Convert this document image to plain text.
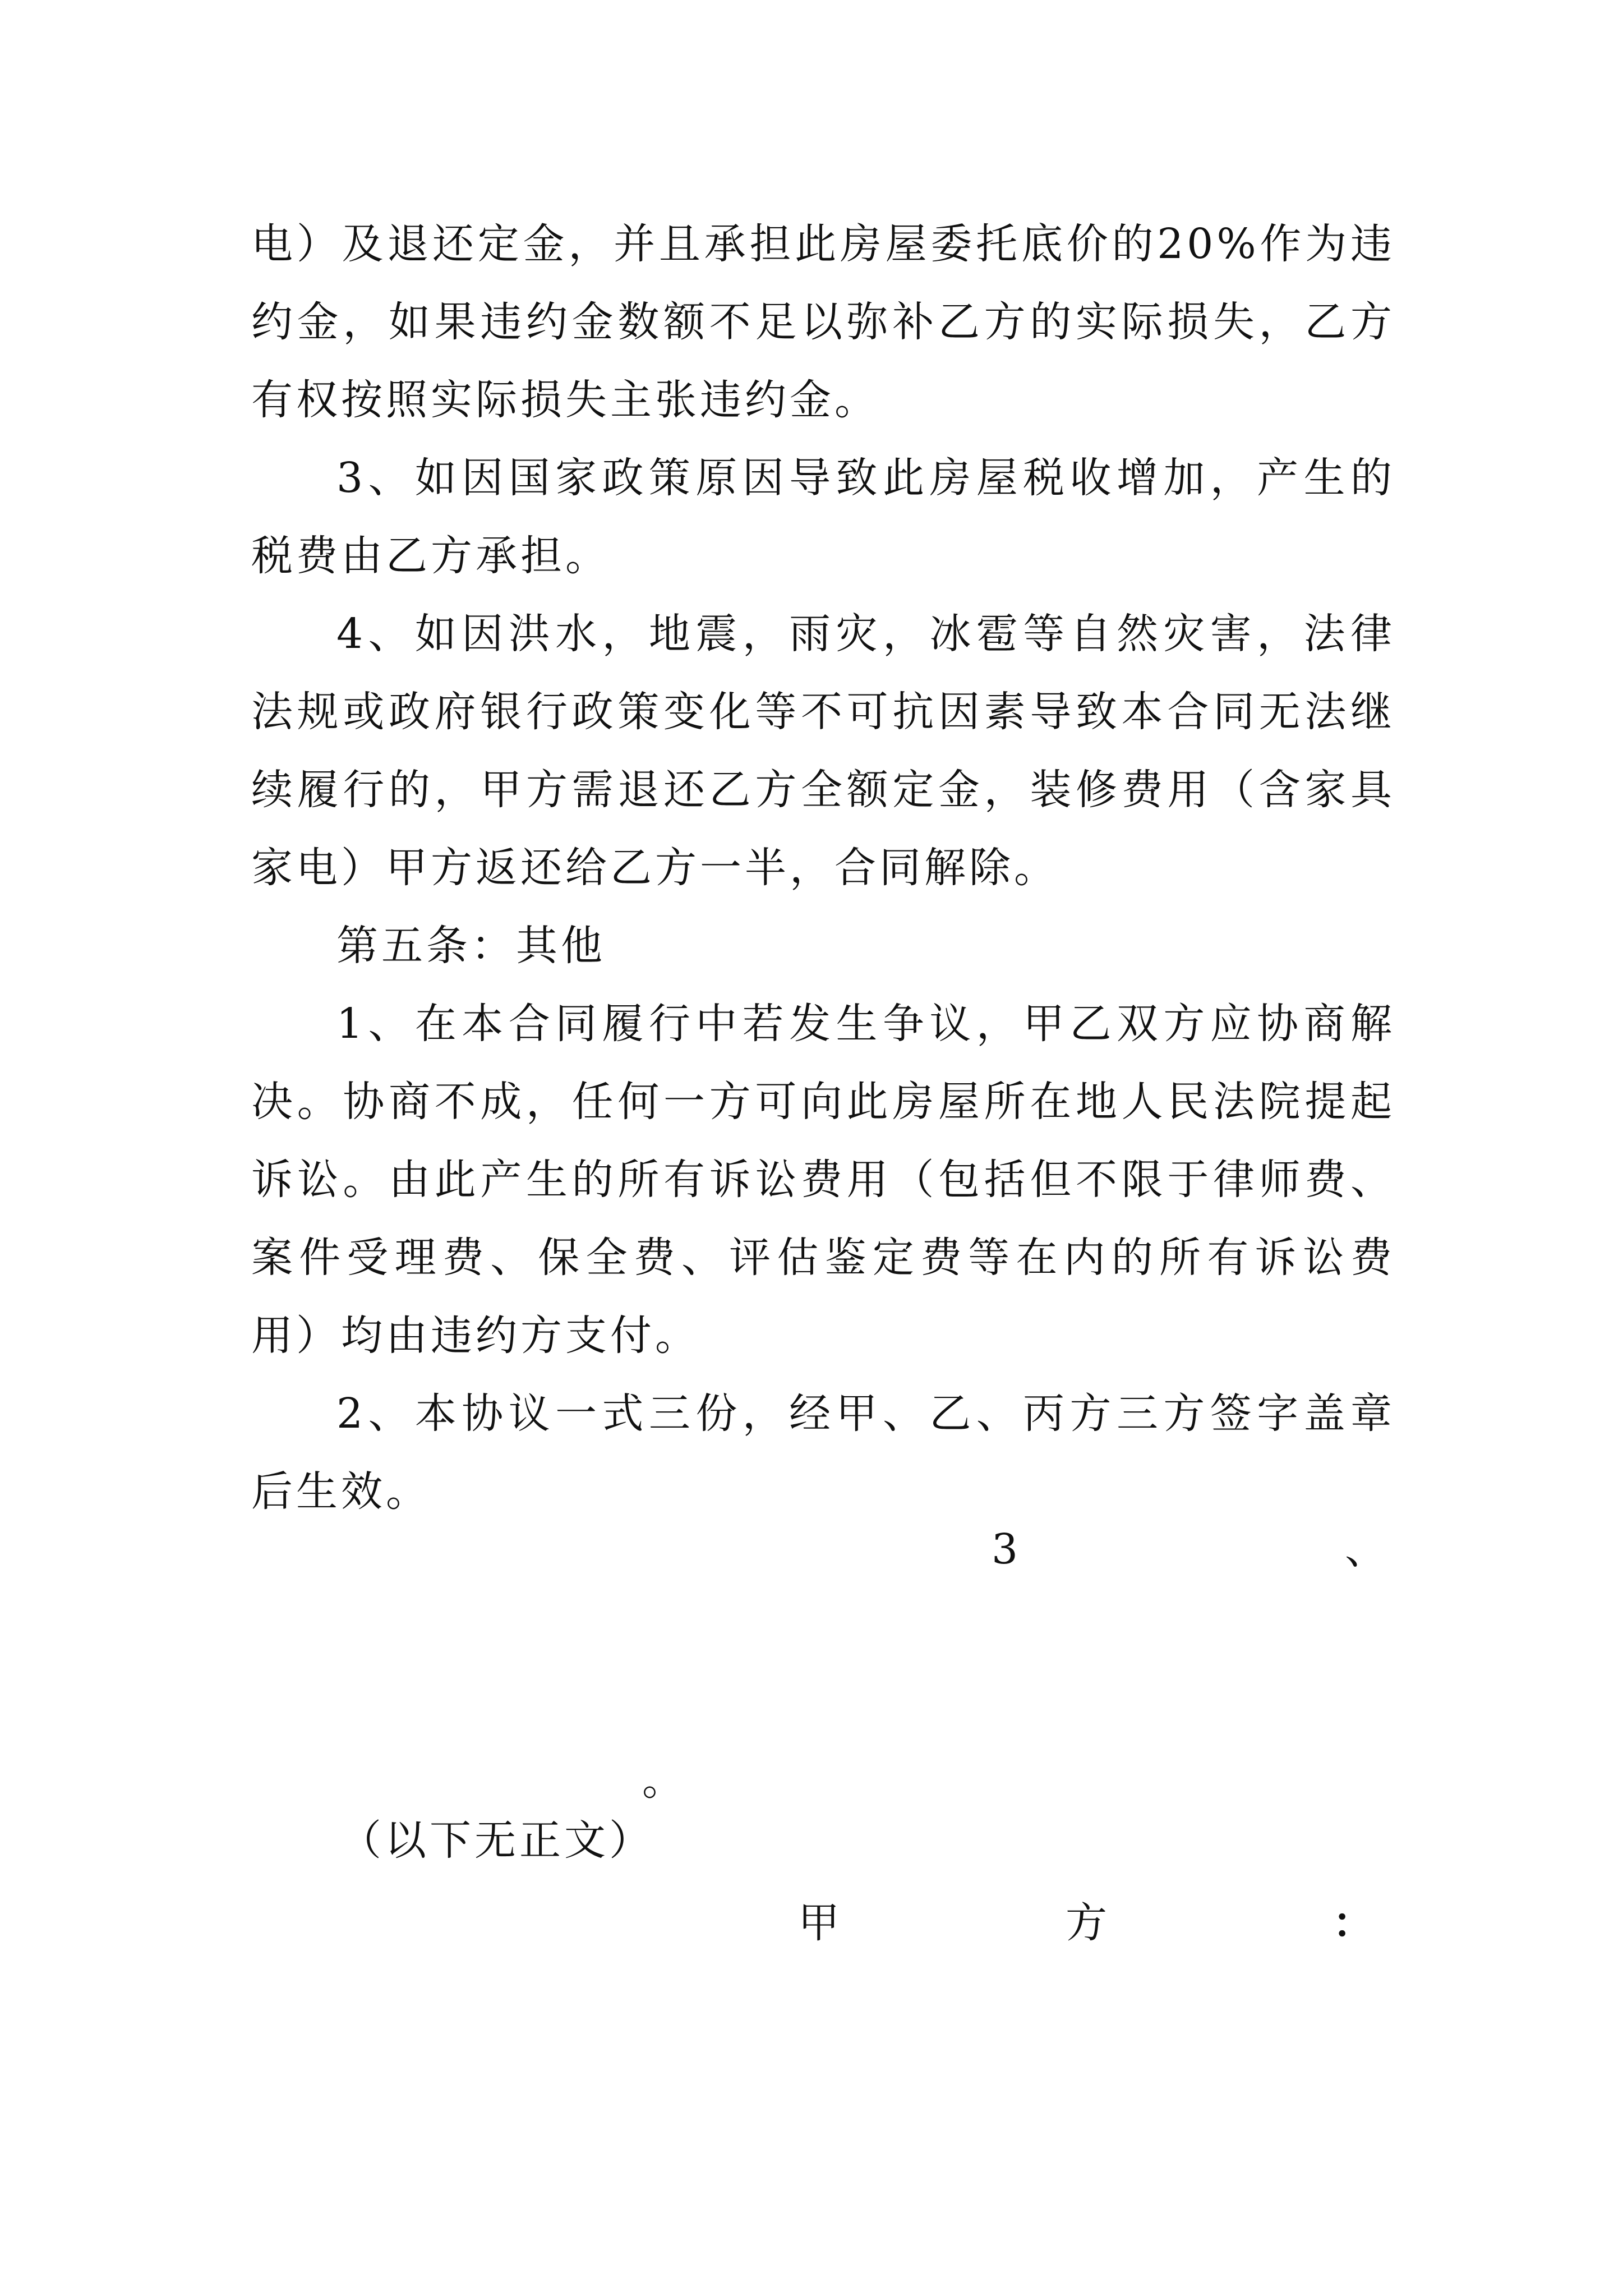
电）及退还定金，并且承担此房屋委托底价的20%作为违约金，如果违约金数额不足以弥补乙方的实际损失，乙方有权按照实际损失主张违约金。

3、如因国家政策原因导致此房屋税收增加，产生的税费由乙方承担。

4、如因洪水，地震，雨灾，冰雹等自然灾害，法律法规或政府银行政策变化等不可抗因素导致本合同无法继续履行的，甲方需退还乙方全额定金，装修费用（含家具家电）甲方返还给乙方一半，合同解除。

第五条：其他

1、在本合同履行中若发生争议，甲乙双方应协商解决。协商不成，任何一方可向此房屋所在地人民法院提起诉讼。由此产生的所有诉讼费用（包括但不限于律师费、案件受理费、保全费、评估鉴定费等在内的所有诉讼费用）均由违约方支付。

2、本协议一式三份，经甲、乙、丙方三方签字盖章后生效。

3	、
。
（以下无正文）
甲	方	：
